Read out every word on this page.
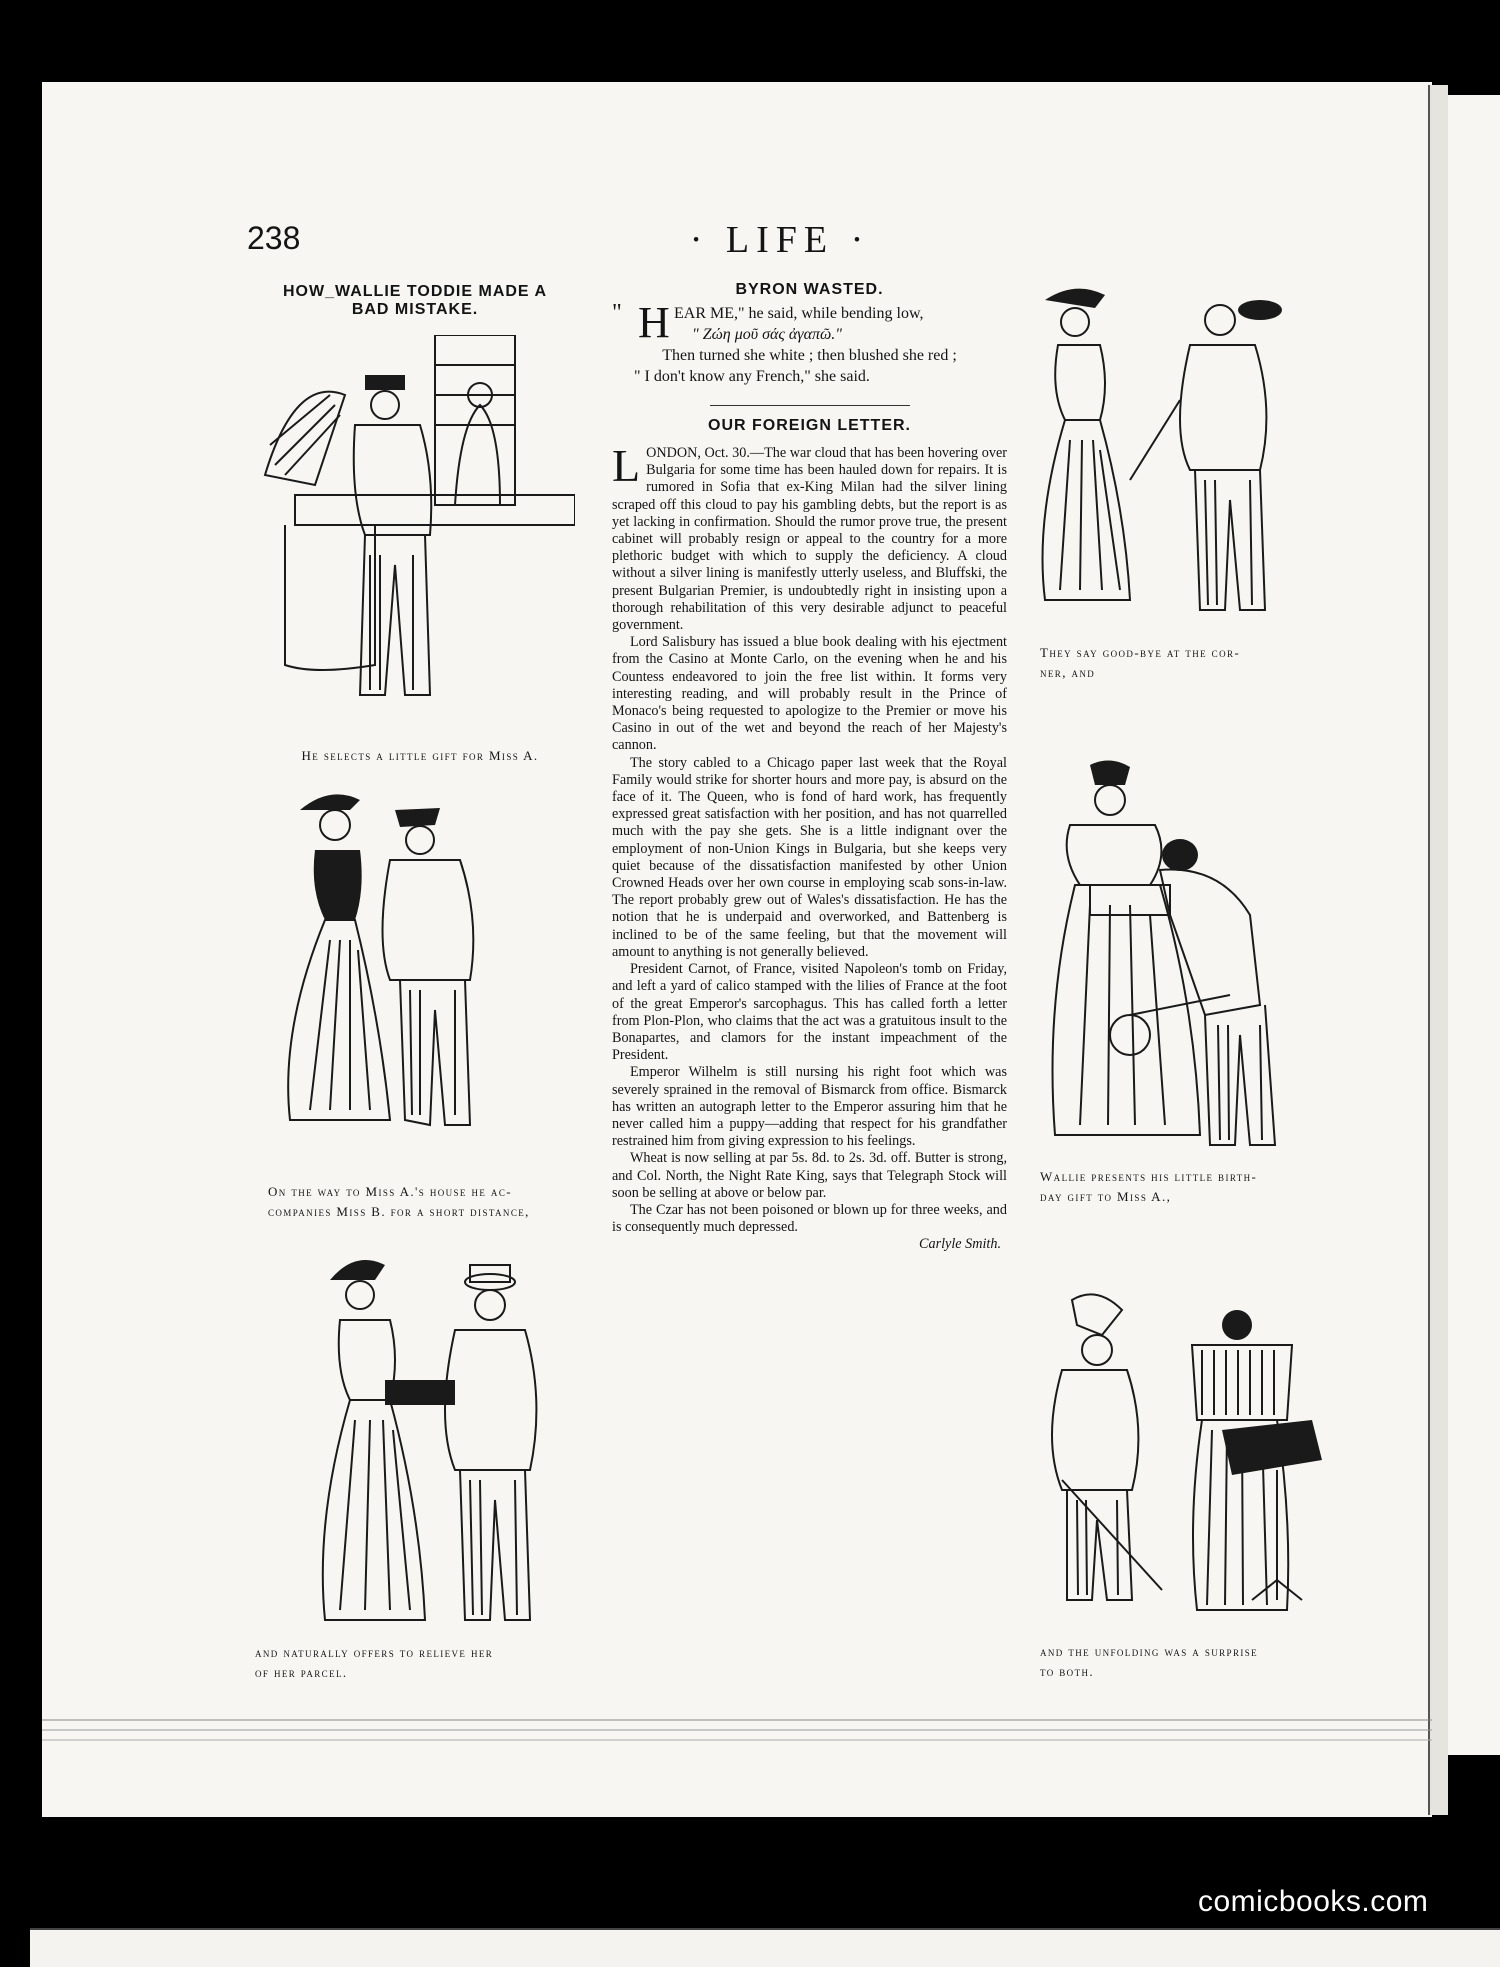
238	· LIFE ·
HOW_WALLIE TODDIE MADE A
BAD MISTAKE.
He selects a little gift for Miss A.
On the way to Miss A.'s house he ac-
companies Miss B. for a short distance,
and naturally offers to relieve her
of her parcel.
BYRON WASTED.
" H EAR ME," he said, while bending low,
" Ζώη μοῦ σάς ἀγαπῶ."
Then turned she white ; then blushed she red ;
" I don't know any French," she said.
OUR FOREIGN LETTER.

LONDON, Oct. 30.—The war cloud that has been hovering over Bulgaria for some time has been hauled down for repairs. It is rumored in Sofia that ex-King Milan had the silver lining scraped off this cloud to pay his gambling debts, but the report is as yet lacking in confirmation. Should the rumor prove true, the present cabinet will probably resign or appeal to the country for a more plethoric budget with which to supply the deficiency. A cloud without a silver lining is manifestly utterly useless, and Bluffski, the present Bulgarian Premier, is undoubtedly right in insisting upon a thorough rehabilitation of this very desirable adjunct to peaceful government.

Lord Salisbury has issued a blue book dealing with his ejectment from the Casino at Monte Carlo, on the evening when he and his Countess endeavored to join the free list within. It forms very interesting reading, and will probably result in the Prince of Monaco's being requested to apologize to the Premier or move his Casino in out of the wet and beyond the reach of her Majesty's cannon.

The story cabled to a Chicago paper last week that the Royal Family would strike for shorter hours and more pay, is absurd on the face of it. The Queen, who is fond of hard work, has frequently expressed great satisfaction with her position, and has not quarrelled much with the pay she gets. She is a little indignant over the employment of non-Union Kings in Bulgaria, but she keeps very quiet because of the dissatisfaction manifested by other Union Crowned Heads over her own course in employing scab sons-in-law. The report probably grew out of Wales's dissatisfaction. He has the notion that he is underpaid and overworked, and Battenberg is inclined to be of the same feeling, but that the movement will amount to anything is not generally believed.

President Carnot, of France, visited Napoleon's tomb on Friday, and left a yard of calico stamped with the lilies of France at the foot of the great Emperor's sarcophagus. This has called forth a letter from Plon-Plon, who claims that the act was a gratuitous insult to the Bonapartes, and clamors for the instant impeachment of the President.

Emperor Wilhelm is still nursing his right foot which was severely sprained in the removal of Bismarck from office. Bismarck has written an autograph letter to the Emperor assuring him that he never called him a puppy—adding that respect for his grandfather restrained him from giving expression to his feelings.

Wheat is now selling at par 5s. 8d. to 2s. 3d. off. Butter is strong, and Col. North, the Night Rate King, says that Telegraph Stock will soon be selling at above or below par.

The Czar has not been poisoned or blown up for three weeks, and is consequently much depressed.

Carlyle Smith.
They say good-bye at the cor-
ner, and
Wallie presents his little birth-
day gift to Miss A.,
and the unfolding was a surprise
to both.
comicbooks.com
